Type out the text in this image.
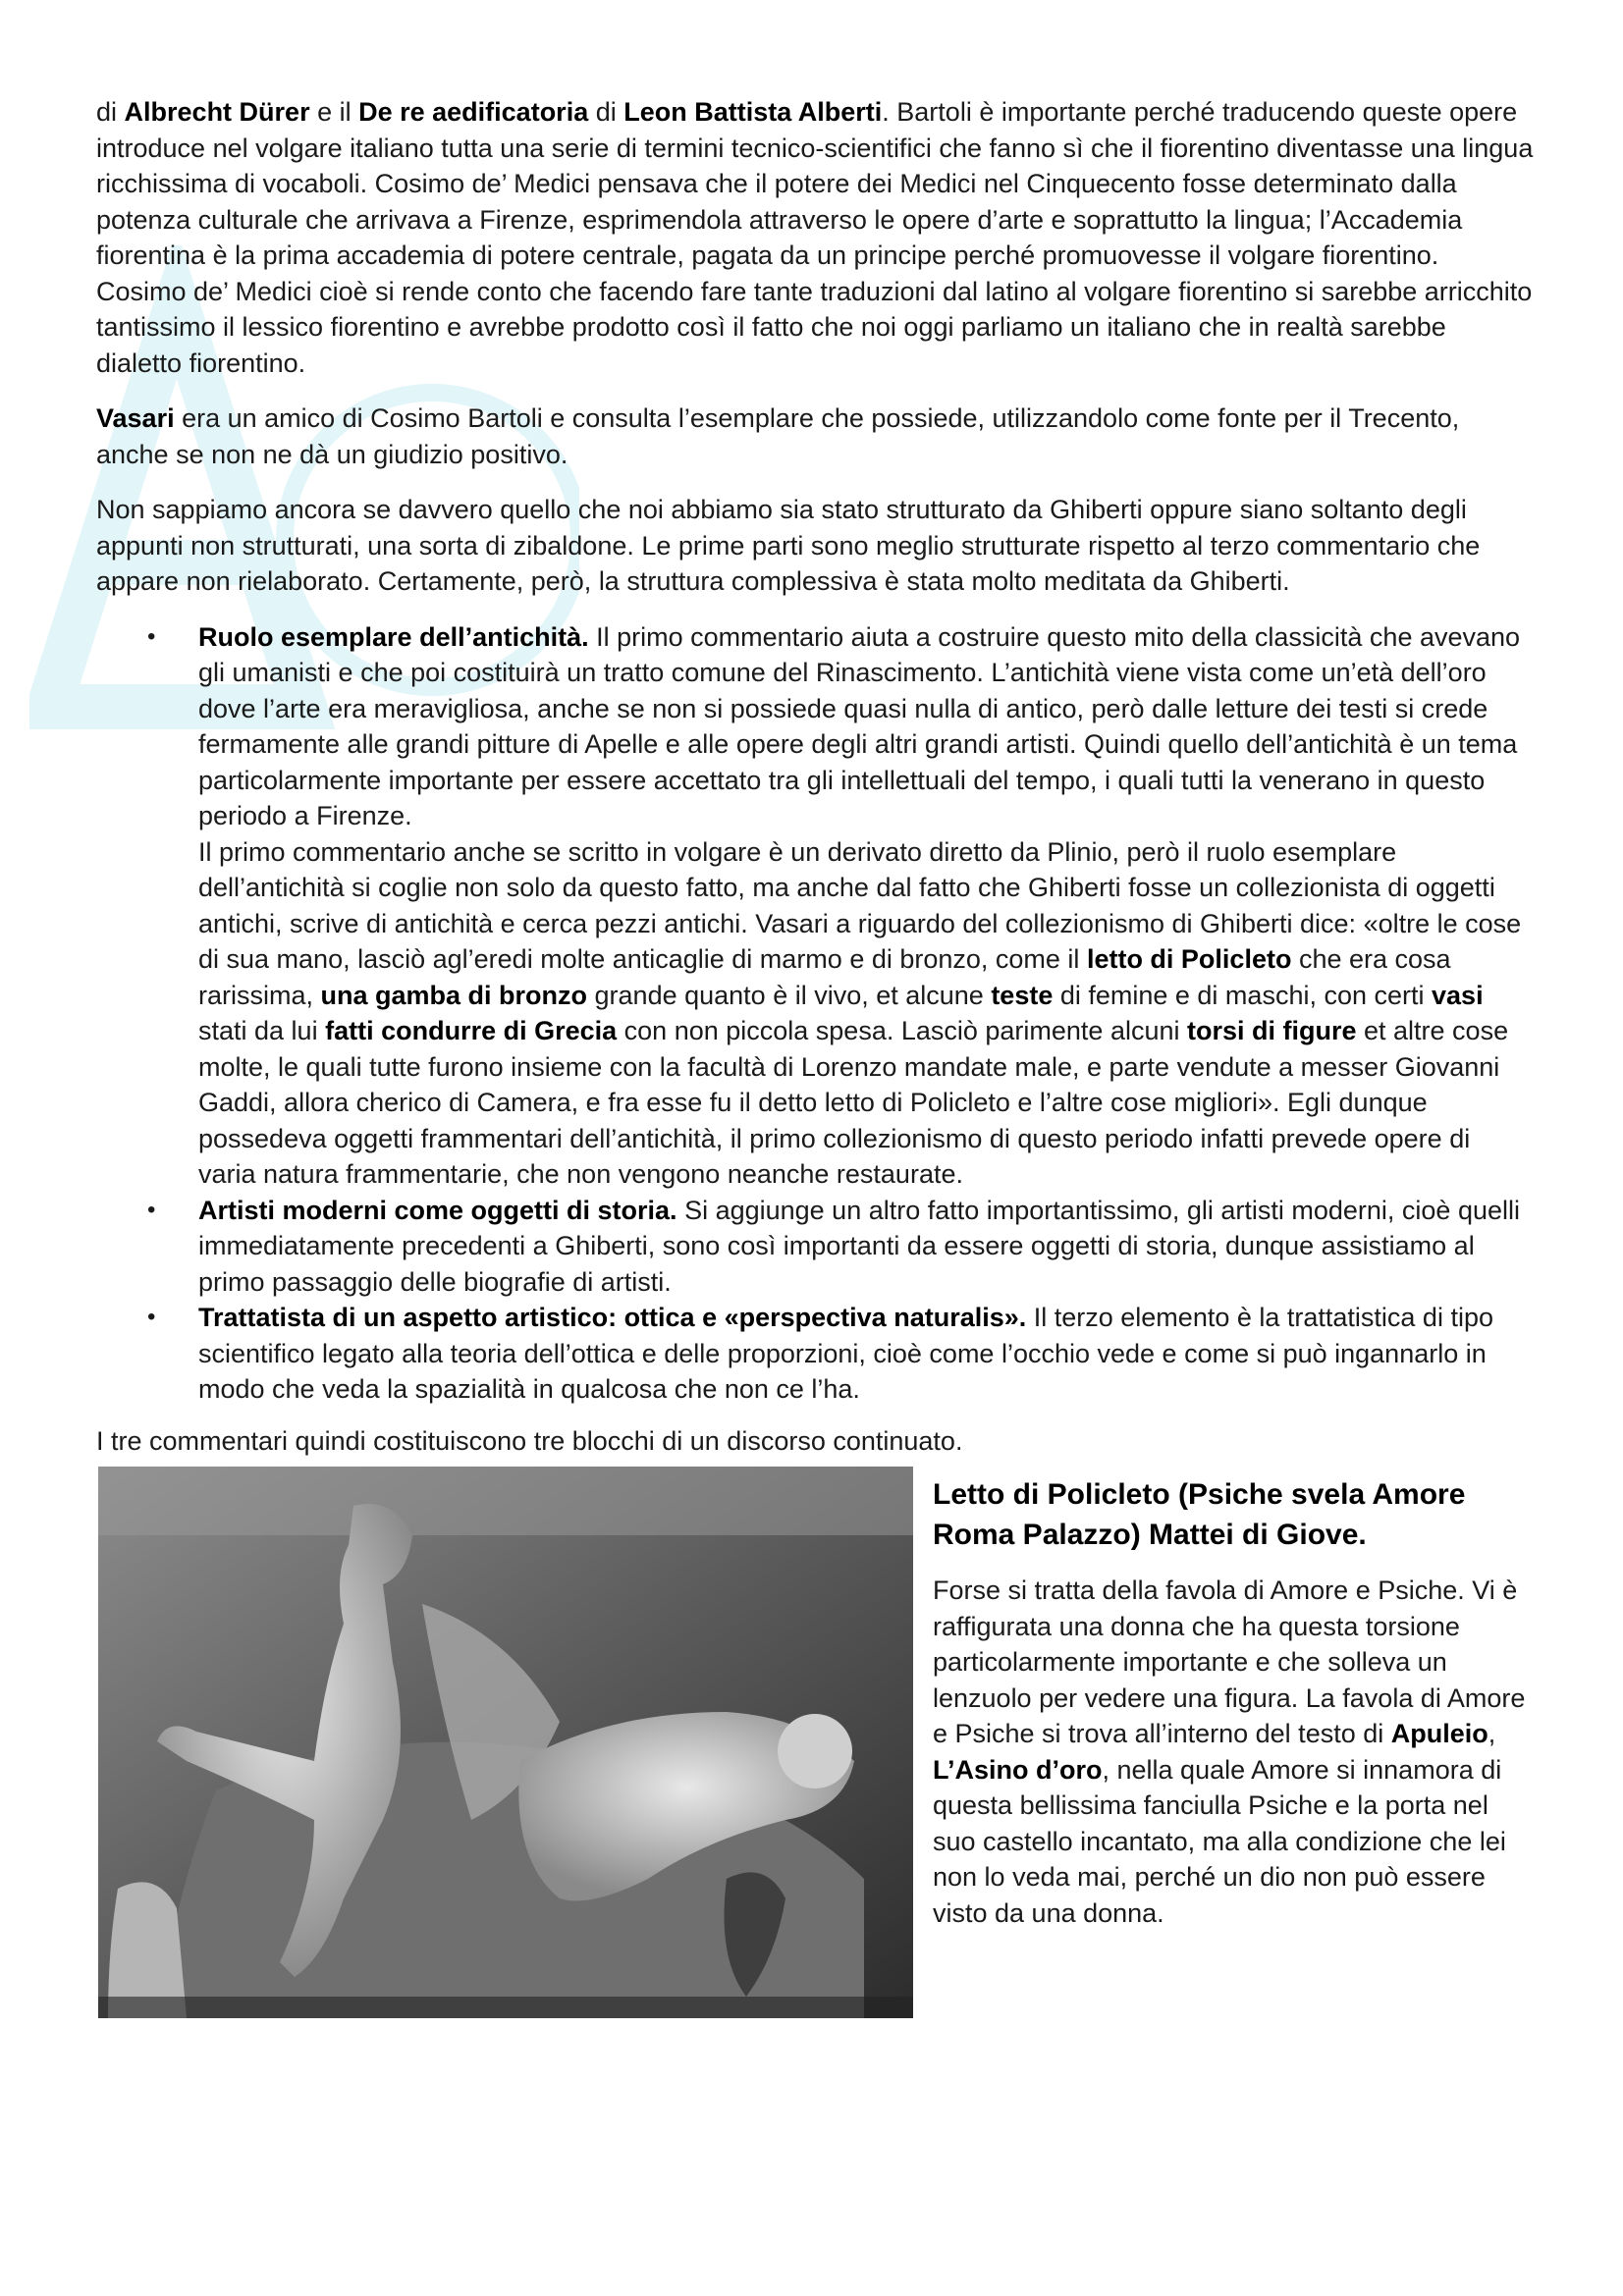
di Albrecht Dürer e il De re aedificatoria di Leon Battista Alberti. Bartoli è importante perché traducendo queste opere introduce nel volgare italiano tutta una serie di termini tecnico-scientifici che fanno sì che il fiorentino diventasse una lingua ricchissima di vocaboli. Cosimo de’ Medici pensava che il potere dei Medici nel Cinquecento fosse determinato dalla potenza culturale che arrivava a Firenze, esprimendola attraverso le opere d’arte e soprattutto la lingua; l’Accademia fiorentina è la prima accademia di potere centrale, pagata da un principe perché promuovesse il volgare fiorentino. Cosimo de’ Medici cioè si rende conto che facendo fare tante traduzioni dal latino al volgare fiorentino si sarebbe arricchito tantissimo il lessico fiorentino e avrebbe prodotto così il fatto che noi oggi parliamo un italiano che in realtà sarebbe dialetto fiorentino.

Vasari era un amico di Cosimo Bartoli e consulta l’esemplare che possiede, utilizzandolo come fonte per il Trecento, anche se non ne dà un giudizio positivo.

Non sappiamo ancora se davvero quello che noi abbiamo sia stato strutturato da Ghiberti oppure siano soltanto degli appunti non strutturati, una sorta di zibaldone. Le prime parti sono meglio strutturate rispetto al terzo commentario che appare non rielaborato. Certamente, però, la struttura complessiva è stata molto meditata da Ghiberti.

• Ruolo esemplare dell’antichità. Il primo commentario aiuta a costruire questo mito della classicità che avevano gli umanisti e che poi costituirà un tratto comune del Rinascimento. L’antichità viene vista come un’età dell’oro dove l’arte era meravigliosa, anche se non si possiede quasi nulla di antico, però dalle letture dei testi si crede fermamente alle grandi pitture di Apelle e alle opere degli altri grandi artisti. Quindi quello dell’antichità è un tema particolarmente importante per essere accettato tra gli intellettuali del tempo, i quali tutti la venerano in questo periodo a Firenze.
Il primo commentario anche se scritto in volgare è un derivato diretto da Plinio, però il ruolo esemplare dell’antichità si coglie non solo da questo fatto, ma anche dal fatto che Ghiberti fosse un collezionista di oggetti antichi, scrive di antichità e cerca pezzi antichi. Vasari a riguardo del collezionismo di Ghiberti dice: «oltre le cose di sua mano, lasciò agl’eredi molte anticaglie di marmo e di bronzo, come il letto di Policleto che era cosa rarissima, una gamba di bronzo grande quanto è il vivo, et alcune teste di femine e di maschi, con certi vasi stati da lui fatti condurre di Grecia con non piccola spesa. Lasciò parimente alcuni torsi di figure et altre cose molte, le quali tutte furono insieme con la facultà di Lorenzo mandate male, e parte vendute a messer Giovanni Gaddi, allora cherico di Camera, e fra esse fu il detto letto di Policleto e l’altre cose migliori». Egli dunque possedeva oggetti frammentari dell’antichità, il primo collezionismo di questo periodo infatti prevede opere di varia natura frammentarie, che non vengono neanche restaurate.
• Artisti moderni come oggetti di storia. Si aggiunge un altro fatto importantissimo, gli artisti moderni, cioè quelli immediatamente precedenti a Ghiberti, sono così importanti da essere oggetti di storia, dunque assistiamo al primo passaggio delle biografie di artisti.
• Trattatista di un aspetto artistico: ottica e «perspectiva naturalis». Il terzo elemento è la trattatistica di tipo scientifico legato alla teoria dell’ottica e delle proporzioni, cioè come l’occhio vede e come si può ingannarlo in modo che veda la spazialità in qualcosa che non ce l’ha.

I tre commentari quindi costituiscono tre blocchi di un discorso continuato.

Letto di Policleto (Psiche svela Amore Roma Palazzo) Mattei di Giove.

Forse si tratta della favola di Amore e Psiche. Vi è raffigurata una donna che ha questa torsione particolarmente importante e che solleva un lenzuolo per vedere una figura. La favola di Amore e Psiche si trova all’interno del testo di Apuleio, L’Asino d’oro, nella quale Amore si innamora di questa bellissima fanciulla Psiche e la porta nel suo castello incantato, ma alla condizione che lei non lo veda mai, perché un dio non può essere visto da una donna.
